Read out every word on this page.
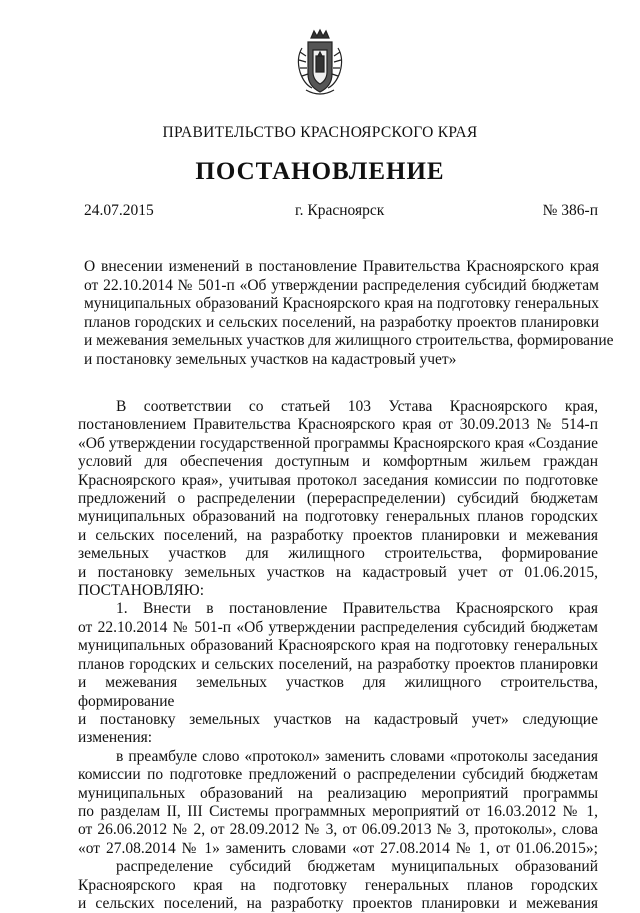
ПРАВИТЕЛЬСТВО КРАСНОЯРСКОГО КРАЯ
ПОСТАНОВЛЕНИЕ
24.07.2015	г. Красноярск	№ 386-п
О внесении изменений в постановление Правительства Красноярского края
от 22.10.2014 № 501-п «Об утверждении распределения субсидий бюджетам
муниципальных образований Красноярского края на подготовку генеральных
планов городских и сельских поселений, на разработку проектов планировки
и межевания земельных участков для жилищного строительства, формирование
и постановку земельных участков на кадастровый учет»
В соответствии со статьей 103 Устава Красноярского края,
постановлением Правительства Красноярского края от 30.09.2013 № 514-п
«Об утверждении государственной программы Красноярского края «Создание
условий для обеспечения доступным и комфортным жильем граждан
Красноярского края», учитывая протокол заседания комиссии по подготовке
предложений о распределении (перераспределении) субсидий бюджетам
муниципальных образований на подготовку генеральных планов городских
и сельских поселений, на разработку проектов планировки и межевания
земельных участков для жилищного строительства, формирование
и постановку земельных участков на кадастровый учет от 01.06.2015,
ПОСТАНОВЛЯЮ:
1. Внести в постановление Правительства Красноярского края
от 22.10.2014 № 501-п «Об утверждении распределения субсидий бюджетам
муниципальных образований Красноярского края на подготовку генеральных
планов городских и сельских поселений, на разработку проектов планировки
и межевания земельных участков для жилищного строительства, формирование
и постановку земельных участков на кадастровый учет» следующие изменения:
в преамбуле слово «протокол» заменить словами «протоколы заседания
комиссии по подготовке предложений о распределении субсидий бюджетам
муниципальных образований на реализацию мероприятий программы
по разделам II, III Системы программных мероприятий от 16.03.2012 № 1,
от 26.06.2012 № 2, от 28.09.2012 № 3, от 06.09.2013 № 3, протоколы», слова
«от 27.08.2014 № 1» заменить словами «от 27.08.2014 № 1, от 01.06.2015»;
распределение субсидий бюджетам муниципальных образований
Красноярского края на подготовку генеральных планов городских
и сельских поселений, на разработку проектов планировки и межевания
